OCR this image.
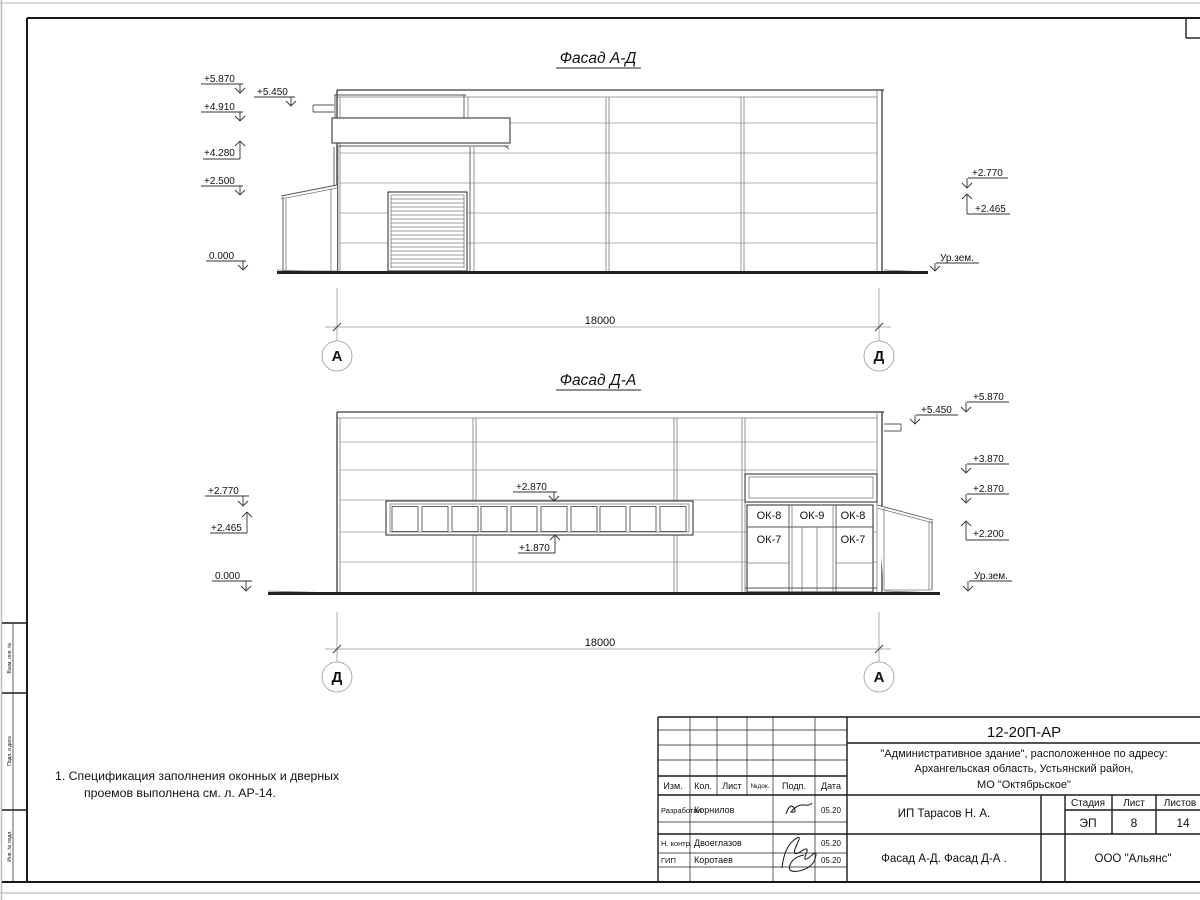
Взам. инв. №
Подп. и дата
Инв. № подл.
Фасад А-Д
+5.870
+4.910
+4.280
+2.500
0.000
+5.450
+2.770
+2.465
Ур.зем.
18000
А	Д
Фасад Д-А
ОК-8 ОК-9 ОК-8
ОК-7	ОК-7
+2.870
+1.870
+2.770
+2.465
0.000
+5.870
+5.450
+3.870
+2.870
+2.200
Ур.зем.
18000
Д	А
1. Спецификация заполнения оконных и дверных
проемов выполнена см. л. АР-14.
12-20П-АР
"Административное здание", расположенное по адресу:
Архангельская область, Устьянский район,
МО "Октябрьское"
Изм. Кол. Лист №док. Подп. Дата
Разработал
Корнилов	05.20
Н. контр. Двоеглазов	05.20
ГИП Коротаев	05.20
ИП Тарасов Н. А.
Стадия Лист Листов
ЭП	8	14
Фасад А-Д. Фасад Д-А .	ООО "Альянс"
